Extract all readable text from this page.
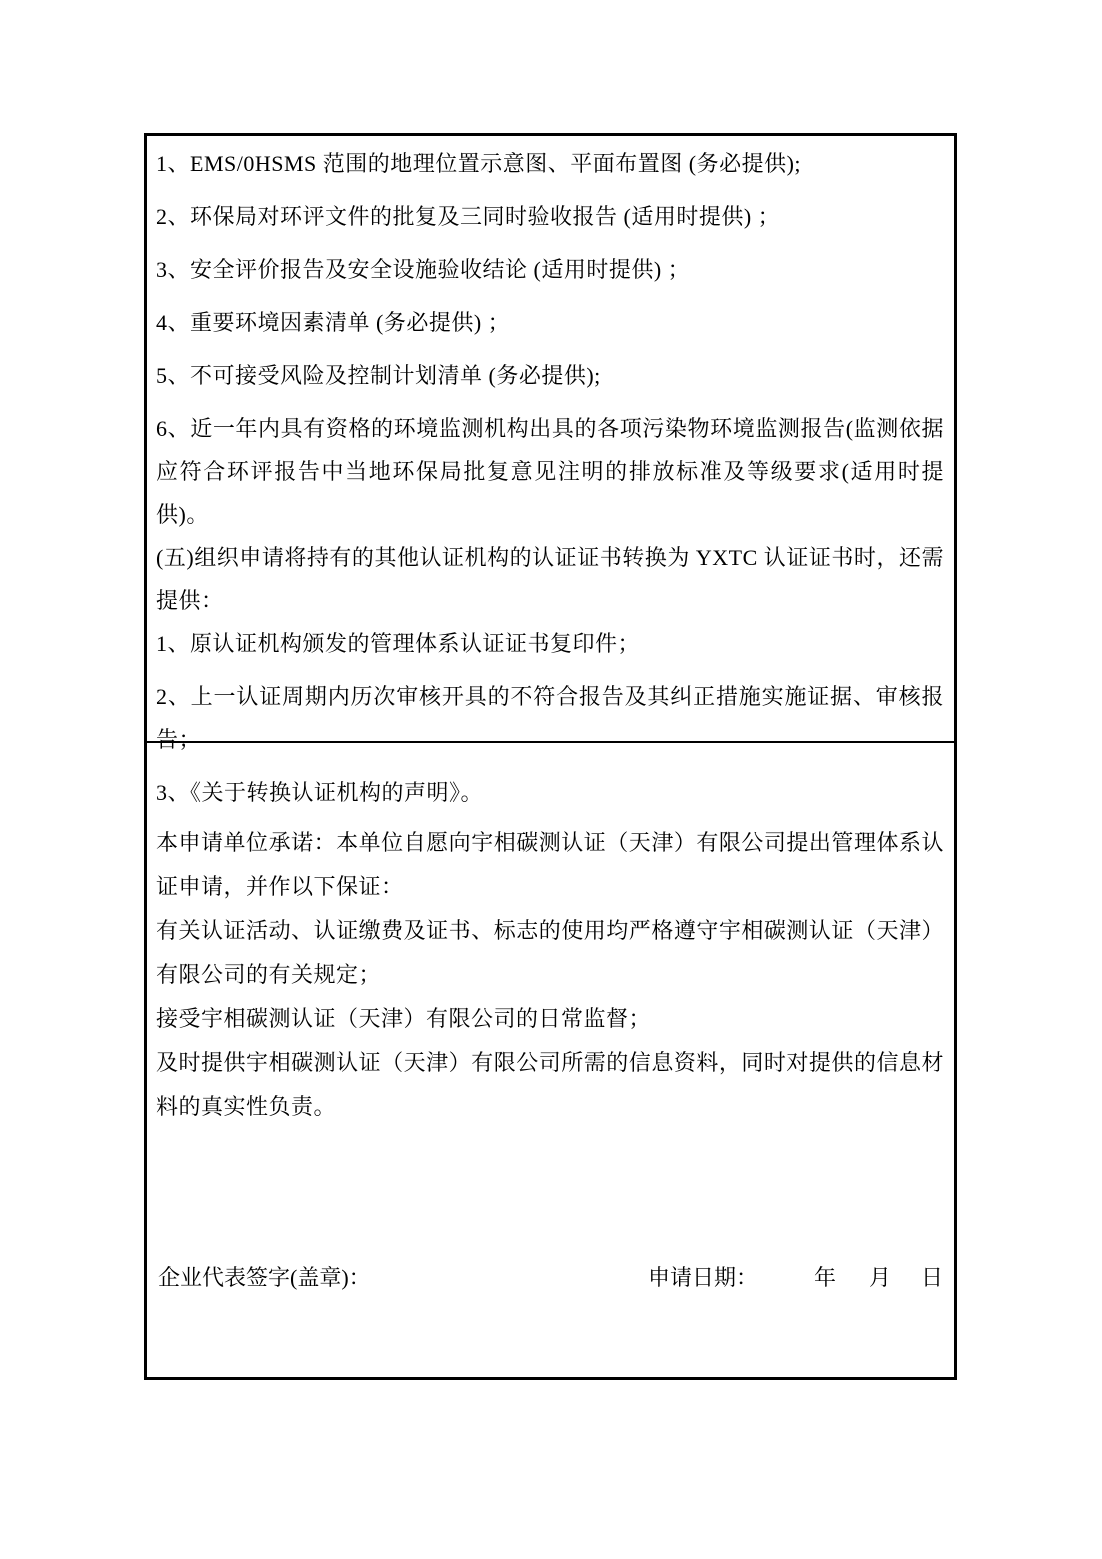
1、EMS/0HSMS 范围的地理位置示意图、平面布置图 (务必提供);

2、环保局对环评文件的批复及三同时验收报告 (适用时提供) ；

3、安全评价报告及安全设施验收结论 (适用时提供) ；

4、重要环境因素清单 (务必提供) ；

5、不可接受风险及控制计划清单 (务必提供);

6、近一年内具有资格的环境监测机构出具的各项污染物环境监测报告(监测依据应符合环评报告中当地环保局批复意见注明的排放标准及等级要求(适用时提供)。

(五)组织申请将持有的其他认证机构的认证证书转换为 YXTC 认证证书时，还需提供：

1、原认证机构颁发的管理体系认证证书复印件；

2、上一认证周期内历次审核开具的不符合报告及其纠正措施实施证据、审核报告；

3、《关于转换认证机构的声明》。

本申请单位承诺：本单位自愿向宇相碳测认证（天津）有限公司提出管理体系认证申请，并作以下保证：

有关认证活动、认证缴费及证书、标志的使用均严格遵守宇相碳测认证（天津）有限公司的有关规定；

接受宇相碳测认证（天津）有限公司的日常监督；

及时提供宇相碳测认证（天津）有限公司所需的信息资料，同时对提供的信息材料的真实性负责。

企业代表签字(盖章)：	申请日期：	年 月 日
